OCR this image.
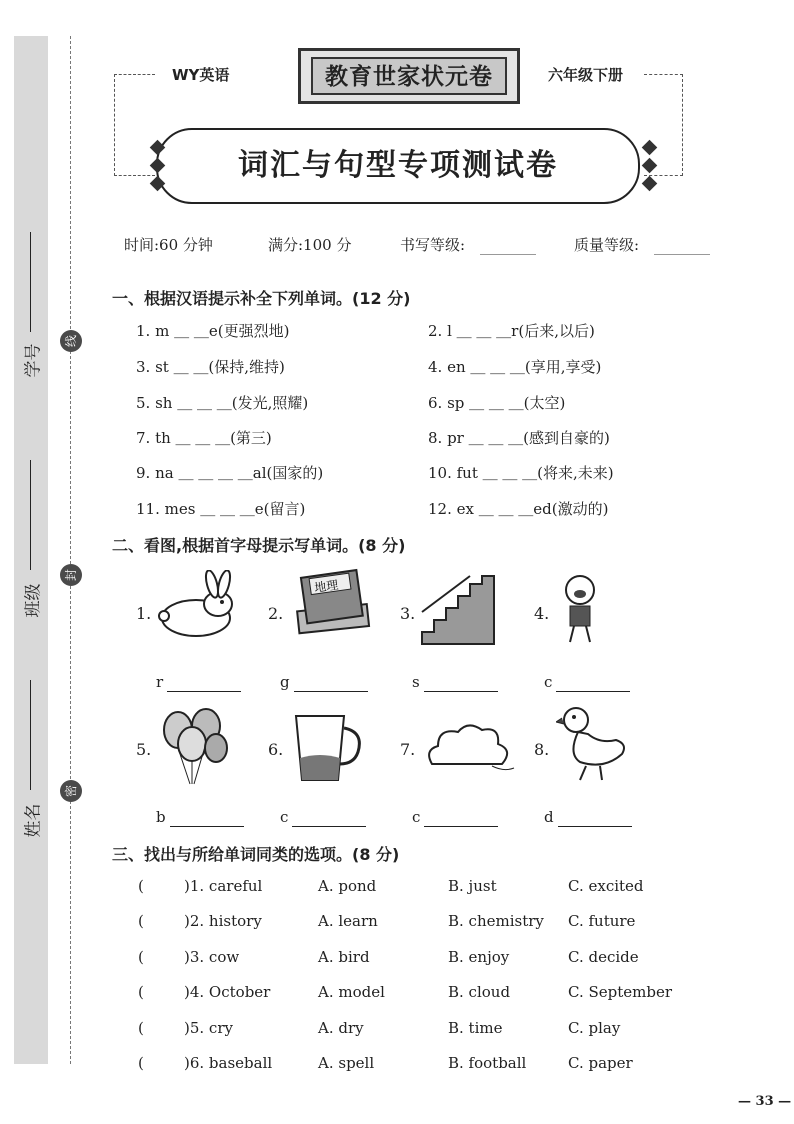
学号
班级
姓名
线
封
密
WY英语	六年级下册
教育世家状元卷
词汇与句型专项测试卷
时间:60 分钟	满分:100 分	书写等级:	质量等级:
一、根据汉语提示补全下列单词。(12 分)
1. m ＿ ＿e(更强烈地)	2. l ＿ ＿ ＿r(后来,以后)
3. st ＿ ＿(保持,维持)	4. en ＿ ＿ ＿(享用,享受)
5. sh ＿ ＿ ＿(发光,照耀)	6. sp ＿ ＿ ＿(太空)
7. th ＿ ＿ ＿(第三)	8. pr ＿ ＿ ＿(感到自豪的)
9. na ＿ ＿ ＿ ＿al(国家的)	10. fut ＿ ＿ ＿(将来,未来)
11. mes ＿ ＿ ＿e(留言)	12. ex ＿ ＿ ＿ed(激动的)
二、看图,根据首字母提示写单词。(8 分)
1.	2.	3.	4.
5.	6.	7.	8.
地理
r	g	s	c
b	c	c	d
三、找出与所给单词同类的选项。(8 分)
(	)1. careful	A. pond	B. just	C. excited
(	)2. history	A. learn	B. chemistry C. future
(	)3. cow	A. bird	B. enjoy	C. decide
(	)4. October	A. model	B. cloud	C. September
(	)5. cry	A. dry	B. time	C. play
(	)6. baseball	A. spell	B. football	C. paper
— 33 —
